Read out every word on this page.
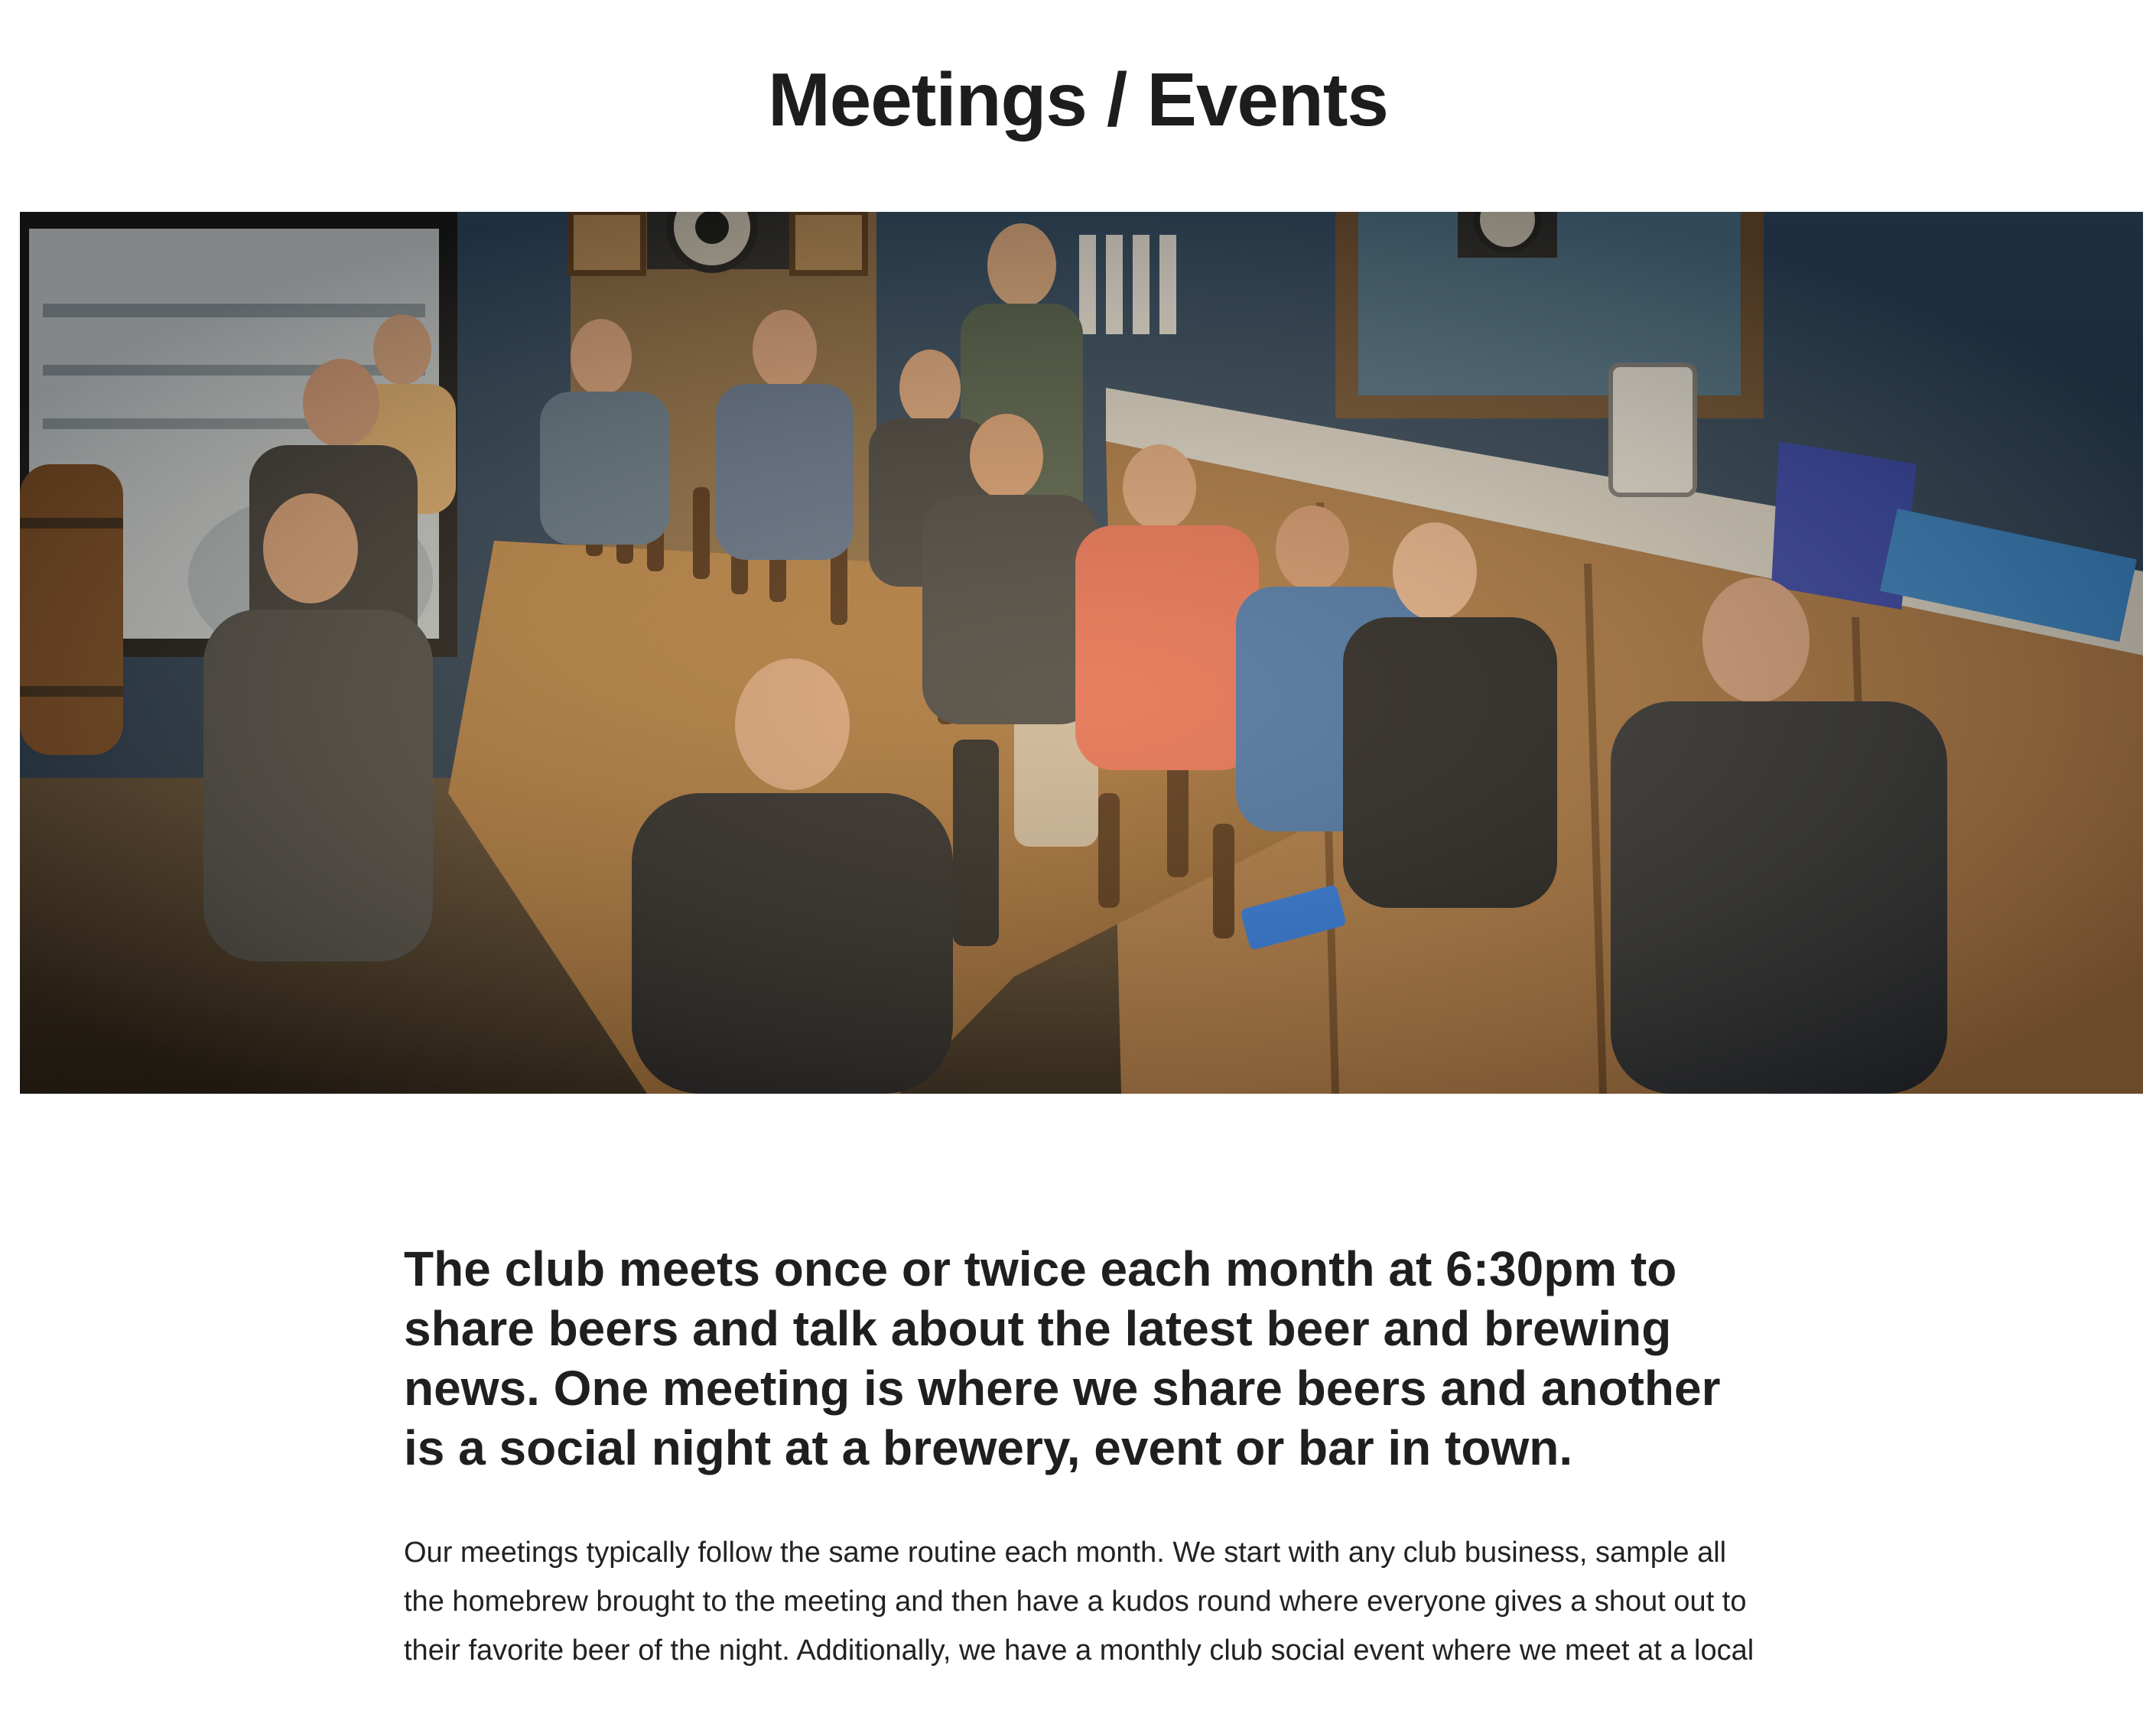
Meetings / Events

The club meets once or twice each month at 6:30pm to share beers and talk about the latest beer and brewing news. One meeting is where we share beers and another is a social night at a brewery, event or bar in town.

Our meetings typically follow the same routine each month. We start with any club business, sample all the homebrew brought to the meeting and then have a kudos round where everyone gives a shout out to their favorite beer of the night. Additionally, we have a monthly club social event where we meet at a local
